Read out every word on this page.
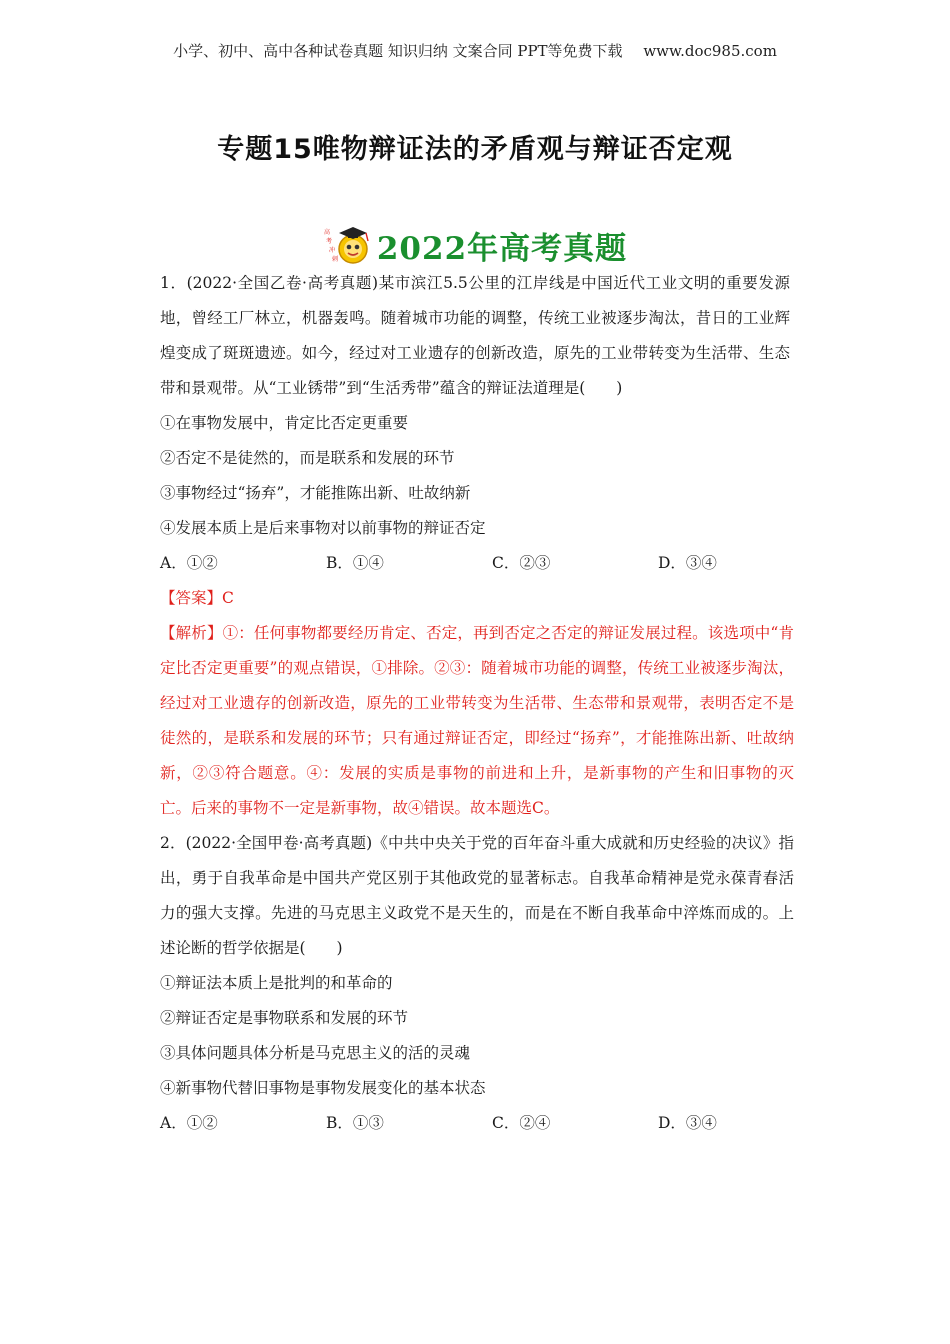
小学、初中、高中各种试卷真题 知识归纳 文案合同 PPT等免费下载 www.doc985.com
专题15唯物辩证法的矛盾观与辩证否定观
高
考
冲
刺 2022年高考真题
1．(2022·全国乙卷·高考真题)某市滨江5.5公里的江岸线是中国近代工业文明的重要发源地，曾经工厂林立，机器轰鸣。随着城市功能的调整，传统工业被逐步淘汰，昔日的工业辉煌变成了斑斑遗迹。如今，经过对工业遗存的创新改造，原先的工业带转变为生活带、生态带和景观带。从“工业锈带”到“生活秀带”蕴含的辩证法道理是(　　)
①在事物发展中，肯定比否定更重要
②否定不是徒然的，而是联系和发展的环节
③事物经过“扬弃”，才能推陈出新、吐故纳新
④发展本质上是后来事物对以前事物的辩证否定
A．①②	B．①④	C．②③	D．③④
【答案】C
【解析】①：任何事物都要经历肯定、否定，再到否定之否定的辩证发展过程。该选项中“肯定比否定更重要”的观点错误，①排除。②③：随着城市功能的调整，传统工业被逐步淘汰，经过对工业遗存的创新改造，原先的工业带转变为生活带、生态带和景观带，表明否定不是徒然的，是联系和发展的环节；只有通过辩证否定，即经过“扬弃”，才能推陈出新、吐故纳新，②③符合题意。④：发展的实质是事物的前进和上升，是新事物的产生和旧事物的灭亡。后来的事物不一定是新事物，故④错误。故本题选C。
2．(2022·全国甲卷·高考真题)《中共中央关于党的百年奋斗重大成就和历史经验的决议》指出，勇于自我革命是中国共产党区别于其他政党的显著标志。自我革命精神是党永葆青春活力的强大支撑。先进的马克思主义政党不是天生的，而是在不断自我革命中淬炼而成的。上述论断的哲学依据是(　　)
①辩证法本质上是批判的和革命的
②辩证否定是事物联系和发展的环节
③具体问题具体分析是马克思主义的活的灵魂
④新事物代替旧事物是事物发展变化的基本状态
A．①②	B．①③	C．②④	D．③④
